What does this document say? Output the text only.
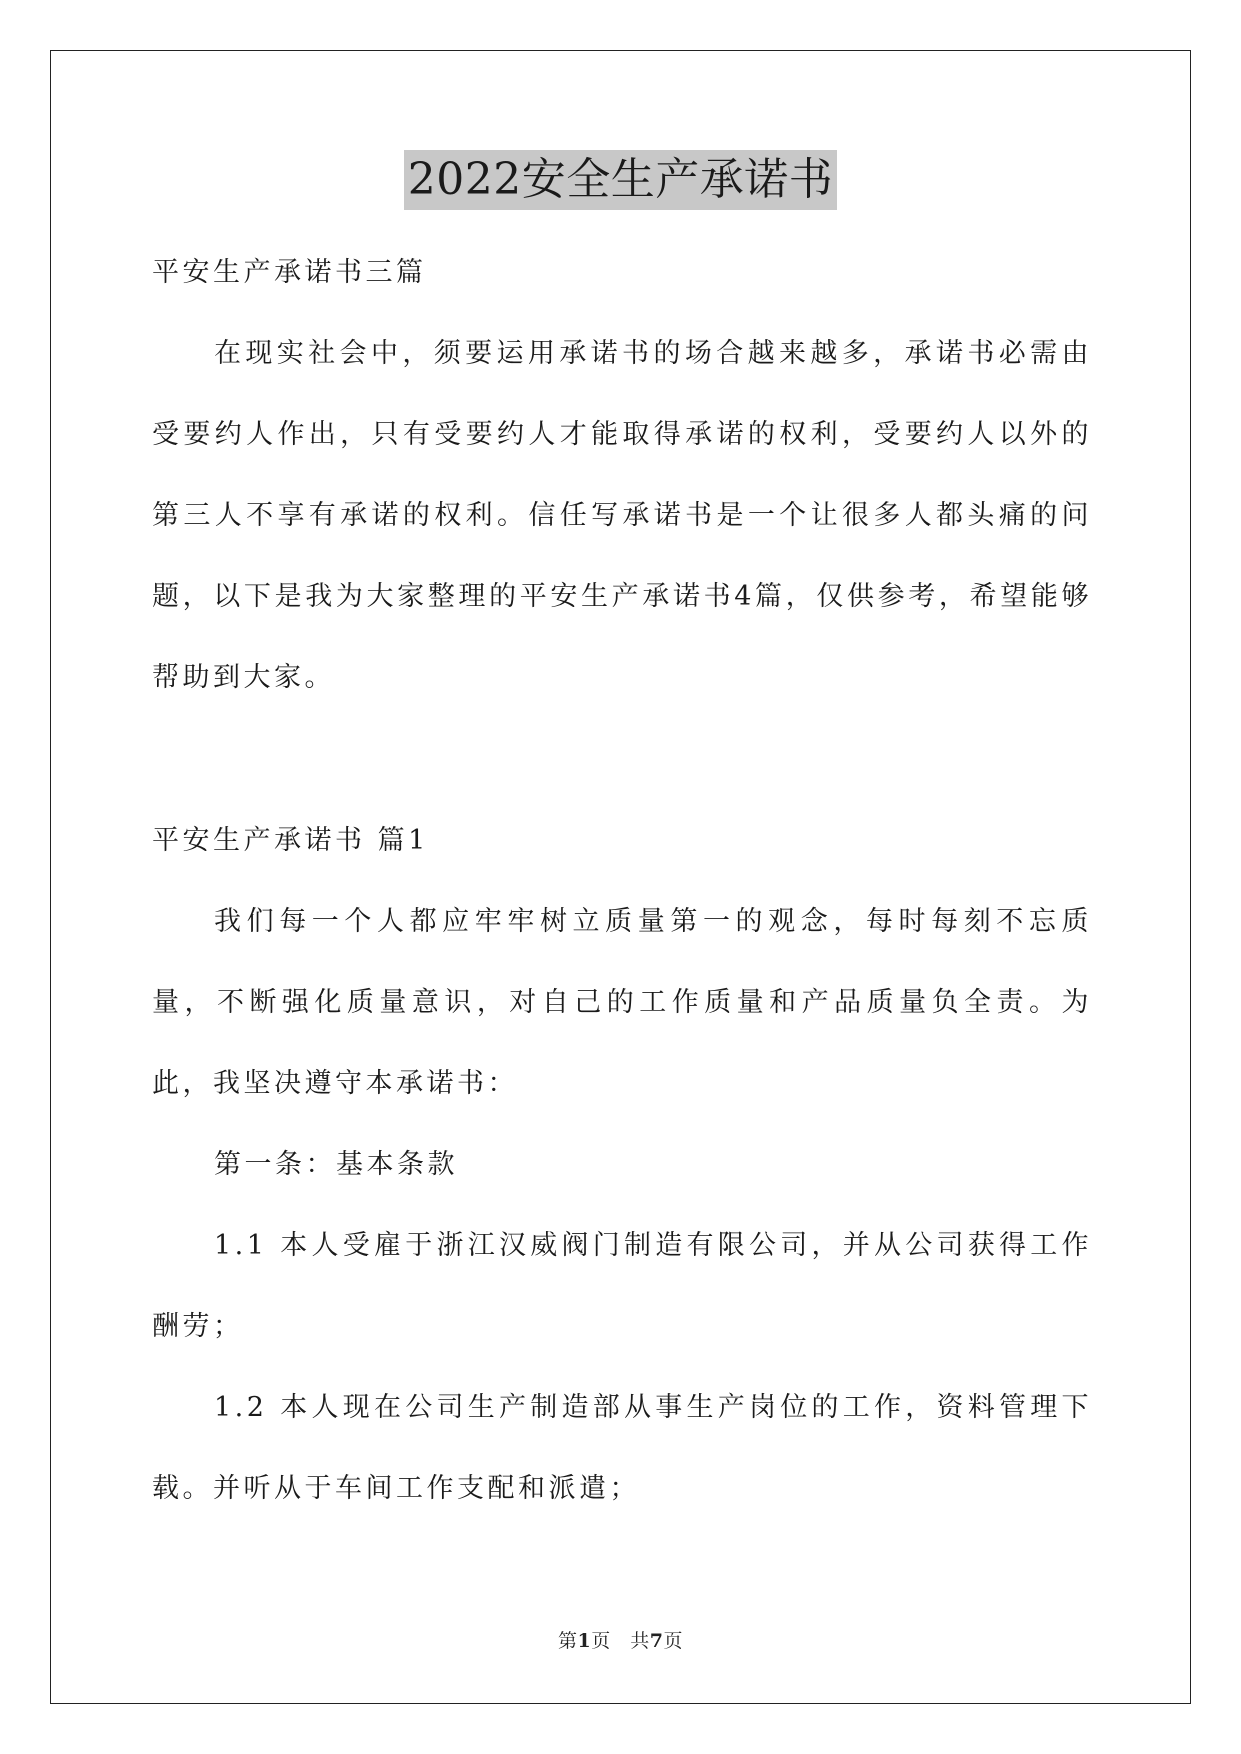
2022安全生产承诺书

平安生产承诺书三篇

在现实社会中，须要运用承诺书的场合越来越多，承诺书必需由受要约人作出，只有受要约人才能取得承诺的权利，受要约人以外的第三人不享有承诺的权利。信任写承诺书是一个让很多人都头痛的问题，以下是我为大家整理的平安生产承诺书4篇，仅供参考，希望能够帮助到大家。

平安生产承诺书 篇1

我们每一个人都应牢牢树立质量第一的观念，每时每刻不忘质量，不断强化质量意识，对自己的工作质量和产品质量负全责。为此，我坚决遵守本承诺书：

第一条：基本条款

1.1 本人受雇于浙江汉威阀门制造有限公司，并从公司获得工作酬劳；

1.2 本人现在公司生产制造部从事生产岗位的工作，资料管理下载。并听从于车间工作支配和派遣；

第1页　共7页
